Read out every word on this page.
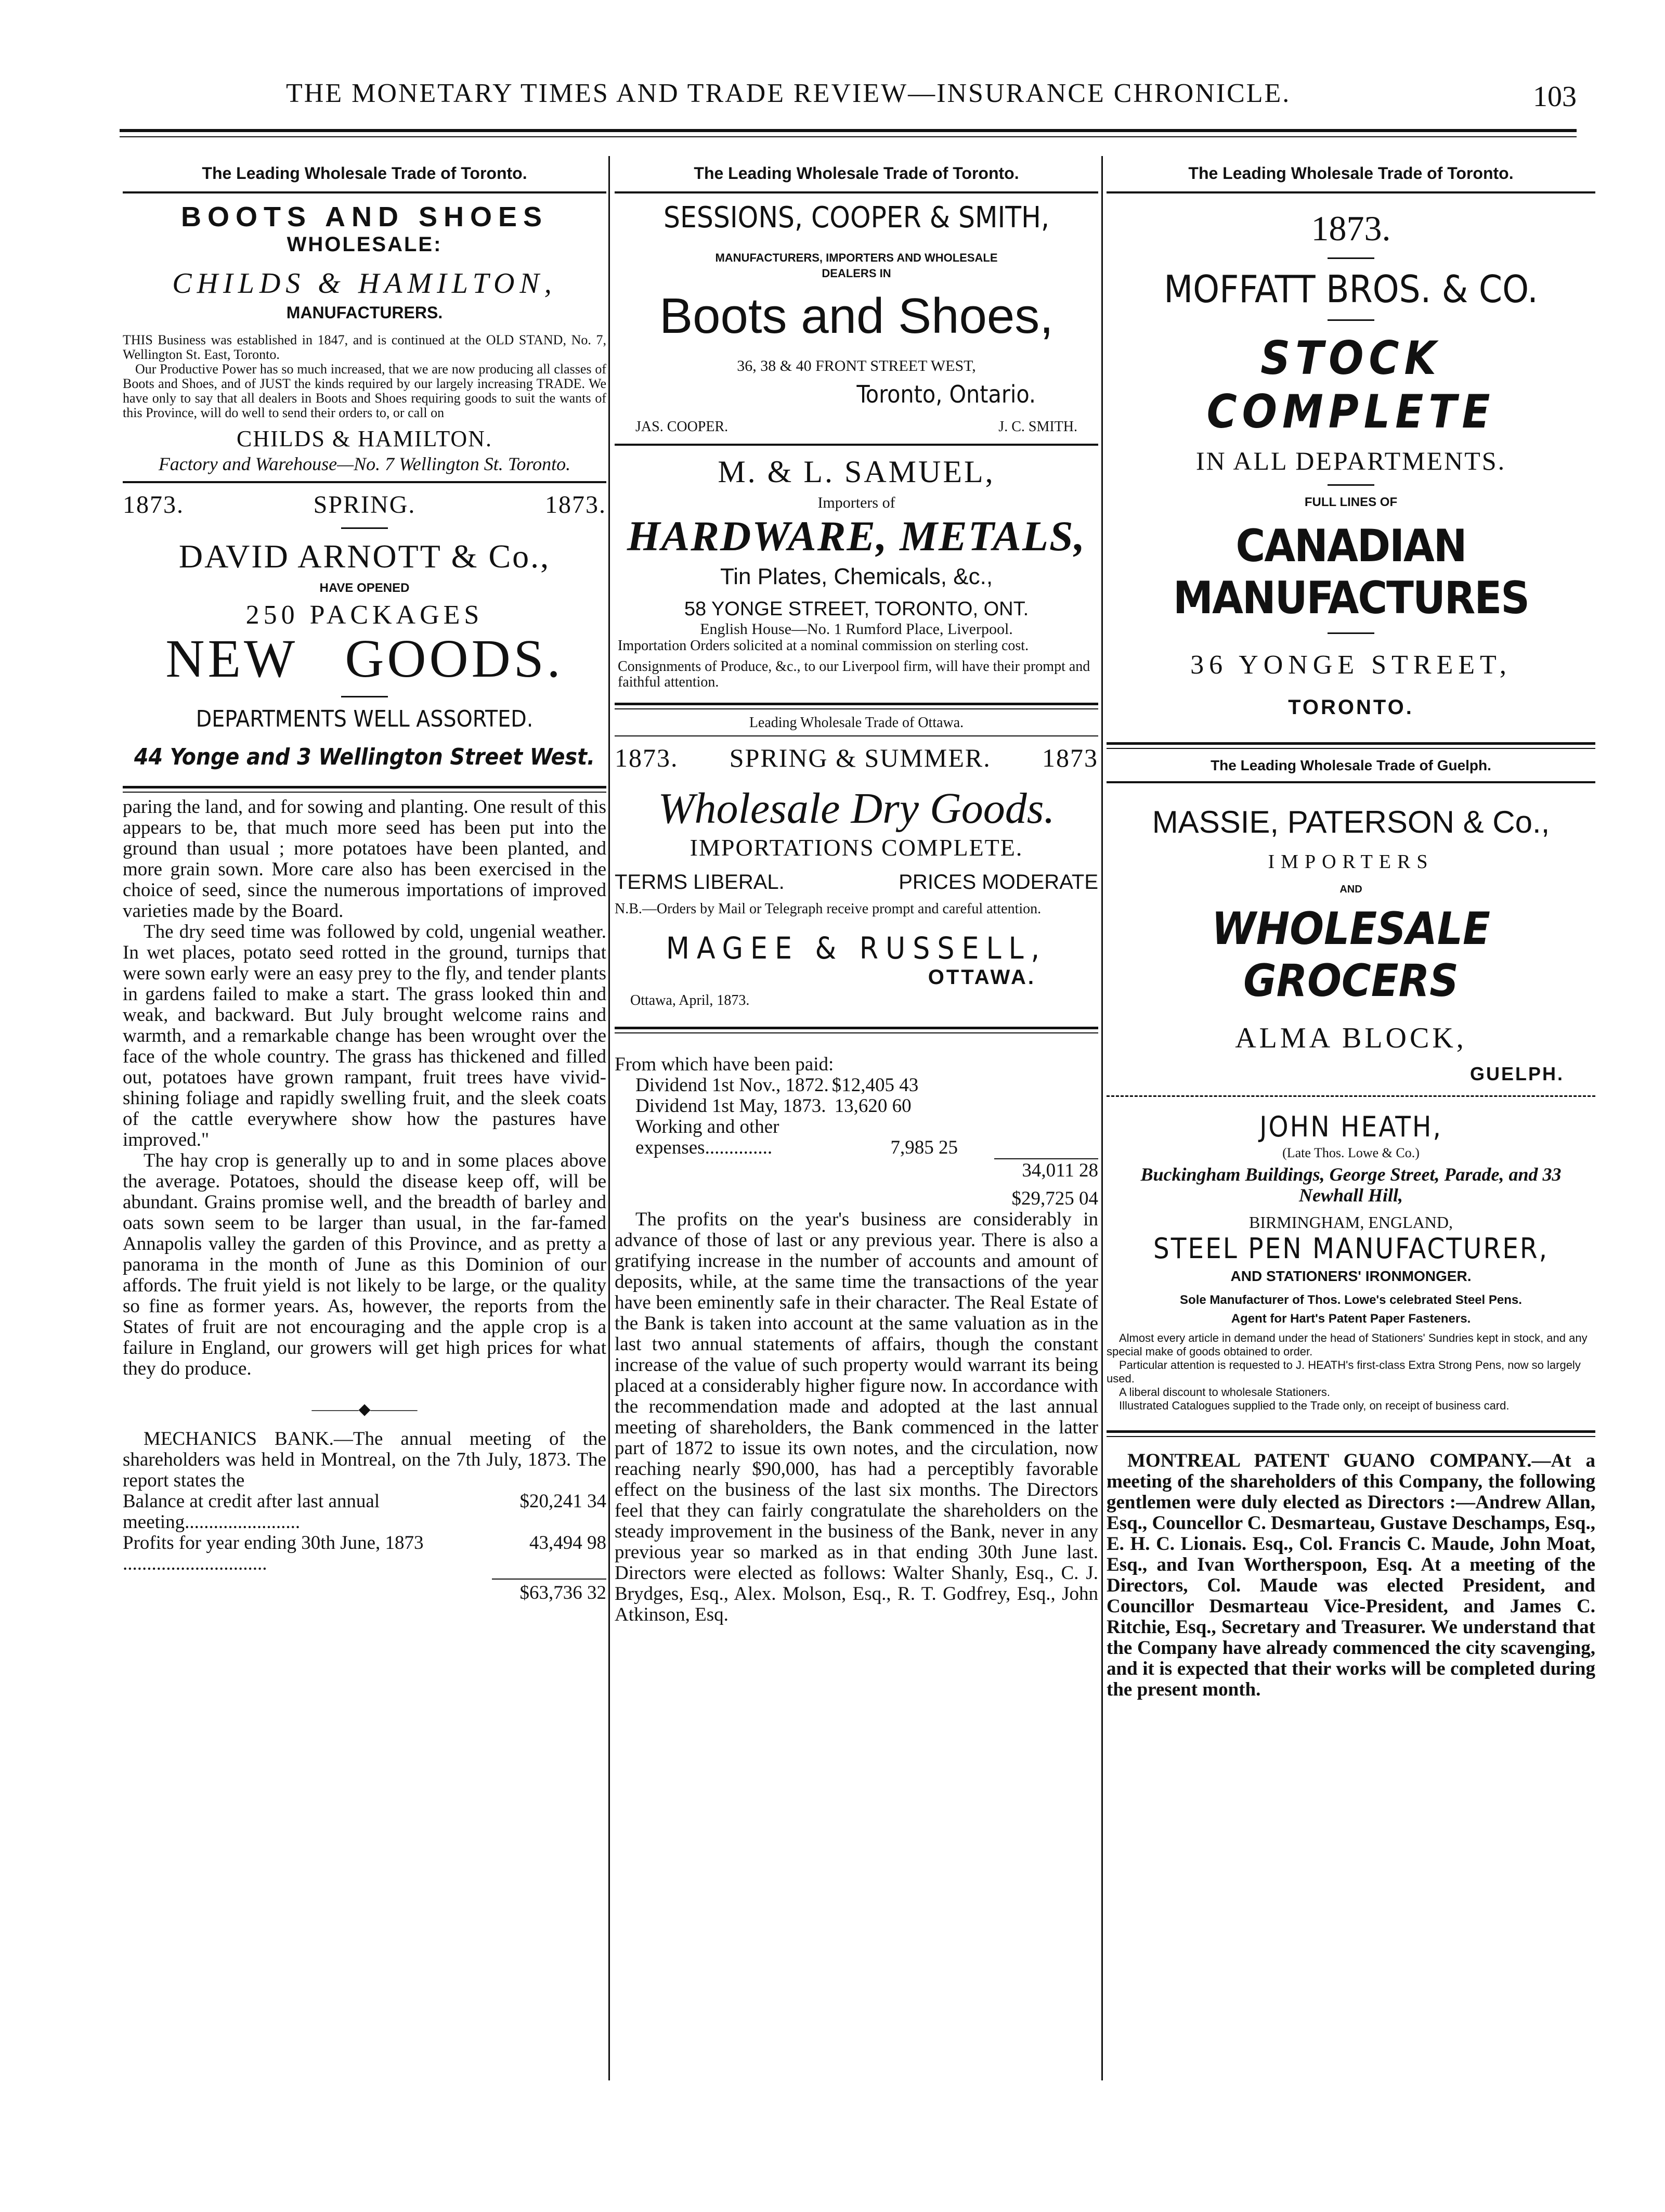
THE MONETARY TIMES AND TRADE REVIEW—INSURANCE CHRONICLE.	103
The Leading Wholesale Trade of Toronto.
BOOTS AND SHOES
WHOLESALE:
CHILDS & HAMILTON,
MANUFACTURERS.
THIS Business was established in 1847, and is continued at the OLD STAND, No. 7, Wellington St. East, Toronto.
Our Productive Power has so much increased, that we are now producing all classes of Boots and Shoes, and of JUST the kinds required by our largely increasing TRADE. We have only to say that all dealers in Boots and Shoes requiring goods to suit the wants of this Province, will do well to send their orders to, or call on
CHILDS & HAMILTON.
Factory and Warehouse—No. 7 Wellington St. Toronto.
1873.	SPRING.	1873.
DAVID ARNOTT & Co.,
HAVE OPENED
250 PACKAGES
NEW GOODS.
DEPARTMENTS WELL ASSORTED.
44 Yonge and 3 Wellington Street West.

paring the land, and for sowing and planting. One result of this appears to be, that much more seed has been put into the ground than usual ; more potatoes have been planted, and more grain sown. More care also has been exercised in the choice of seed, since the numerous importations of improved varieties made by the Board.

The dry seed time was followed by cold, ungenial weather. In wet places, potato seed rotted in the ground, turnips that were sown early were an easy prey to the fly, and tender plants in gardens failed to make a start. The grass looked thin and weak, and backward. But July brought welcome rains and warmth, and a remarkable change has been wrought over the face of the whole country. The grass has thickened and filled out, potatoes have grown rampant, fruit trees have vivid-shining foliage and rapidly swelling fruit, and the sleek coats of the cattle everywhere show how the pastures have improved."

The hay crop is generally up to and in some places above the average. Potatoes, should the disease keep off, will be abundant. Grains promise well, and the breadth of barley and oats sown seem to be larger than usual, in the far-famed Annapolis valley the garden of this Province, and as pretty a panorama in the month of June as this Dominion of our affords. The fruit yield is not likely to be large, or the quality so fine as former years. As, however, the reports from the States of fruit are not encouraging and the apple crop is a failure in England, our growers will get high prices for what they do produce.

———◆———

MECHANICS BANK.—The annual meeting of the shareholders was held in Montreal, on the 7th July, 1873. The report states the

Balance at credit after last annual meeting........................
$20,241 34
Profits for year ending 30th June, 1873 ..............................
43,494 98
$63,736 32
The Leading Wholesale Trade of Toronto.
SESSIONS, COOPER & SMITH,
MANUFACTURERS, IMPORTERS AND WHOLESALE DEALERS IN
Boots and Shoes,
36, 38 & 40 FRONT STREET WEST,
Toronto, Ontario.
JAS. COOPER.	J. C. SMITH.
M. & L. SAMUEL,
Importers of
HARDWARE, METALS,
Tin Plates, Chemicals, &c.,
58 YONGE STREET, TORONTO, ONT.
English House—No. 1 Rumford Place, Liverpool.
Importation Orders solicited at a nominal commission on sterling cost.
Consignments of Produce, &c., to our Liverpool firm, will have their prompt and faithful attention.
Leading Wholesale Trade of Ottawa.
1873. SPRING & SUMMER. 1873
Wholesale Dry Goods.
IMPORTATIONS COMPLETE.
TERMS LIBERAL.	PRICES MODERATE
N.B.—Orders by Mail or Telegraph receive prompt and careful attention.
MAGEE & RUSSELL,
OTTAWA.
Ottawa, April, 1873.
From which have been paid:
Dividend 1st Nov., 1872. $12,405 43
Dividend 1st May, 1873. 13,620 60
Working and other expenses..............	7,985 25
34,011 28
$29,725 04

The profits on the year's business are considerably in advance of those of last or any previous year. There is also a gratifying increase in the number of accounts and amount of deposits, while, at the same time the transactions of the year have been eminently safe in their character. The Real Estate of the Bank is taken into account at the same valuation as in the last two annual statements of affairs, though the constant increase of the value of such property would warrant its being placed at a considerably higher figure now. In accordance with the recommendation made and adopted at the last annual meeting of shareholders, the Bank commenced in the latter part of 1872 to issue its own notes, and the circulation, now reaching nearly $90,000, has had a perceptibly favorable effect on the business of the last six months. The Directors feel that they can fairly congratulate the shareholders on the steady improvement in the business of the Bank, never in any previous year so marked as in that ending 30th June last. Directors were elected as follows: Walter Shanly, Esq., C. J. Brydges, Esq., Alex. Molson, Esq., R. T. Godfrey, Esq., John Atkinson, Esq.

The Leading Wholesale Trade of Toronto.
1873.
MOFFATT BROS. & CO.
STOCK COMPLETE
IN ALL DEPARTMENTS.
FULL LINES OF
CANADIAN MANUFACTURES
36 YONGE STREET,
TORONTO.
The Leading Wholesale Trade of Guelph.
MASSIE, PATERSON & Co.,
IMPORTERS
AND
WHOLESALE GROCERS
ALMA BLOCK,
GUELPH.
JOHN HEATH,
(Late Thos. Lowe & Co.)
Buckingham Buildings, George Street, Parade, and 33 Newhall Hill,
BIRMINGHAM, ENGLAND,
STEEL PEN MANUFACTURER,
AND STATIONERS' IRONMONGER.
Sole Manufacturer of Thos. Lowe's celebrated Steel Pens.
Agent for Hart's Patent Paper Fasteners.
Almost every article in demand under the head of Stationers' Sundries kept in stock, and any special make of goods obtained to order.
Particular attention is requested to J. HEATH's first-class Extra Strong Pens, now so largely used.
A liberal discount to wholesale Stationers.
Illustrated Catalogues supplied to the Trade only, on receipt of business card.

MONTREAL PATENT GUANO COMPANY.—At a meeting of the shareholders of this Company, the following gentlemen were duly elected as Directors :—Andrew Allan, Esq., Councellor C. Desmarteau, Gustave Deschamps, Esq., E. H. C. Lionais. Esq., Col. Francis C. Maude, John Moat, Esq., and Ivan Wortherspoon, Esq. At a meeting of the Directors, Col. Maude was elected President, and Councillor Desmarteau Vice-President, and James C. Ritchie, Esq., Secretary and Treasurer. We understand that the Company have already commenced the city scavenging, and it is expected that their works will be completed during the present month.
